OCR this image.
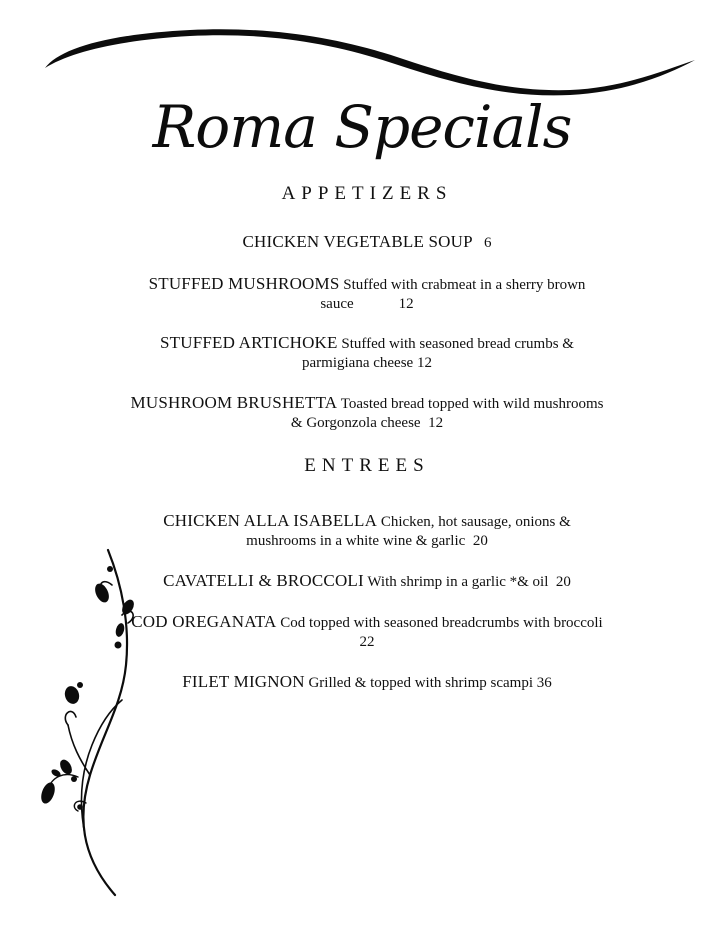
Roma Specials
APPETIZERS
CHICKEN VEGETABLE SOUP 6
STUFFED MUSHROOMS Stuffed with crabmeat in a sherry brown sauce	12
STUFFED ARTICHOKE Stuffed with seasoned bread crumbs & parmigiana cheese 12
MUSHROOM BRUSHETTA Toasted bread topped with wild mushrooms & Gorgonzola cheese 12
ENTREES
CHICKEN ALLA ISABELLA Chicken, hot sausage, onions & mushrooms in a white wine & garlic 20
CAVATELLI & BROCCOLI With shrimp in a garlic *& oil 20
COD OREGANATA Cod topped with seasoned breadcrumbs with broccoli 22
FILET MIGNON Grilled & topped with shrimp scampi 36
